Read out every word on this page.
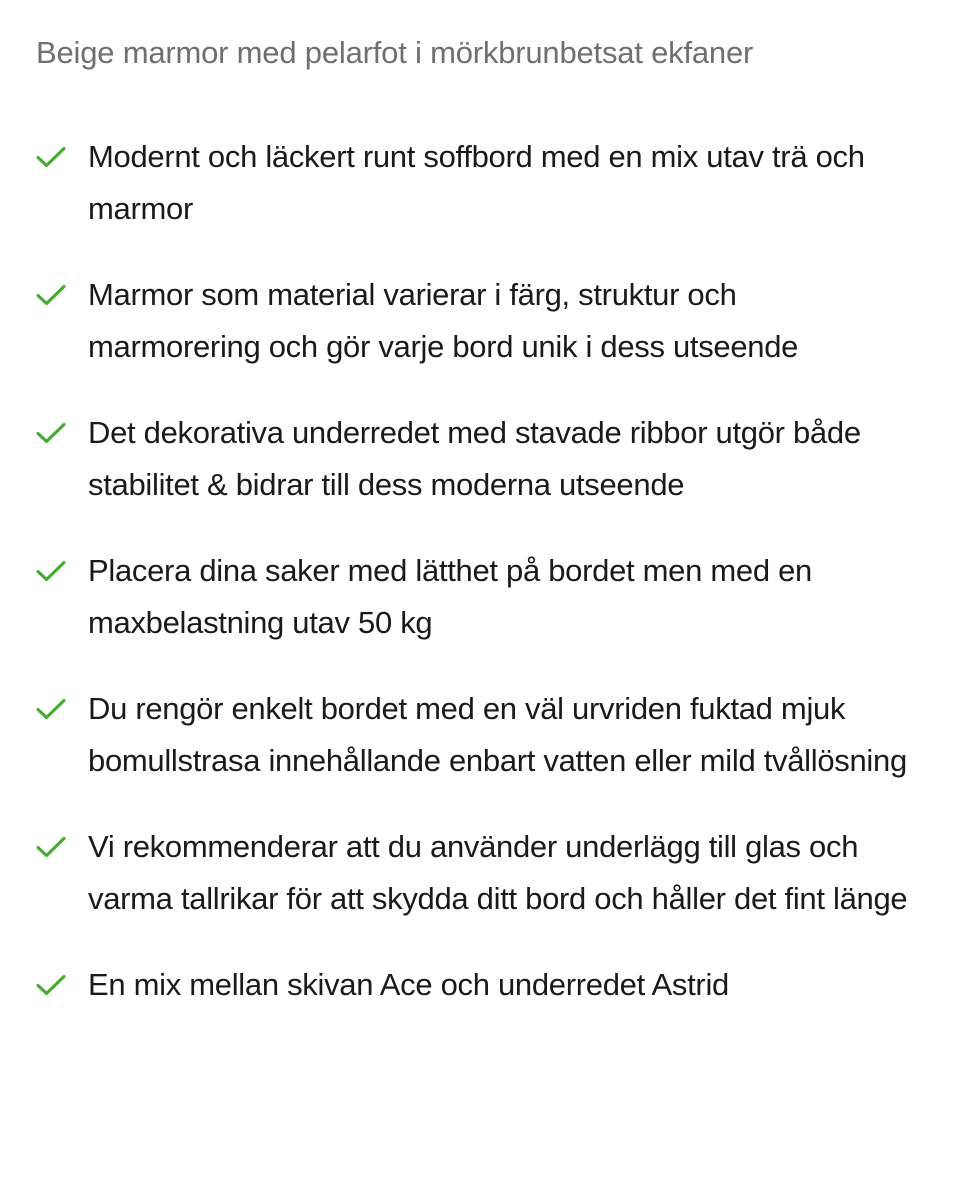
Beige marmor med pelarfot i mörkbrunbetsat ekfaner
Modernt och läckert runt soffbord med en mix utav trä och marmor
Marmor som material varierar i färg, struktur och marmorering och gör varje bord unik i dess utseende
Det dekorativa underredet med stavade ribbor utgör både stabilitet & bidrar till dess moderna utseende
Placera dina saker med lätthet på bordet men med en maxbelastning utav 50 kg
Du rengör enkelt bordet med en väl urvriden fuktad mjuk bomullstrasa innehållande enbart vatten eller mild tvållösning
Vi rekommenderar att du använder underlägg till glas och varma tallrikar för att skydda ditt bord och håller det fint länge
En mix mellan skivan Ace och underredet Astrid
